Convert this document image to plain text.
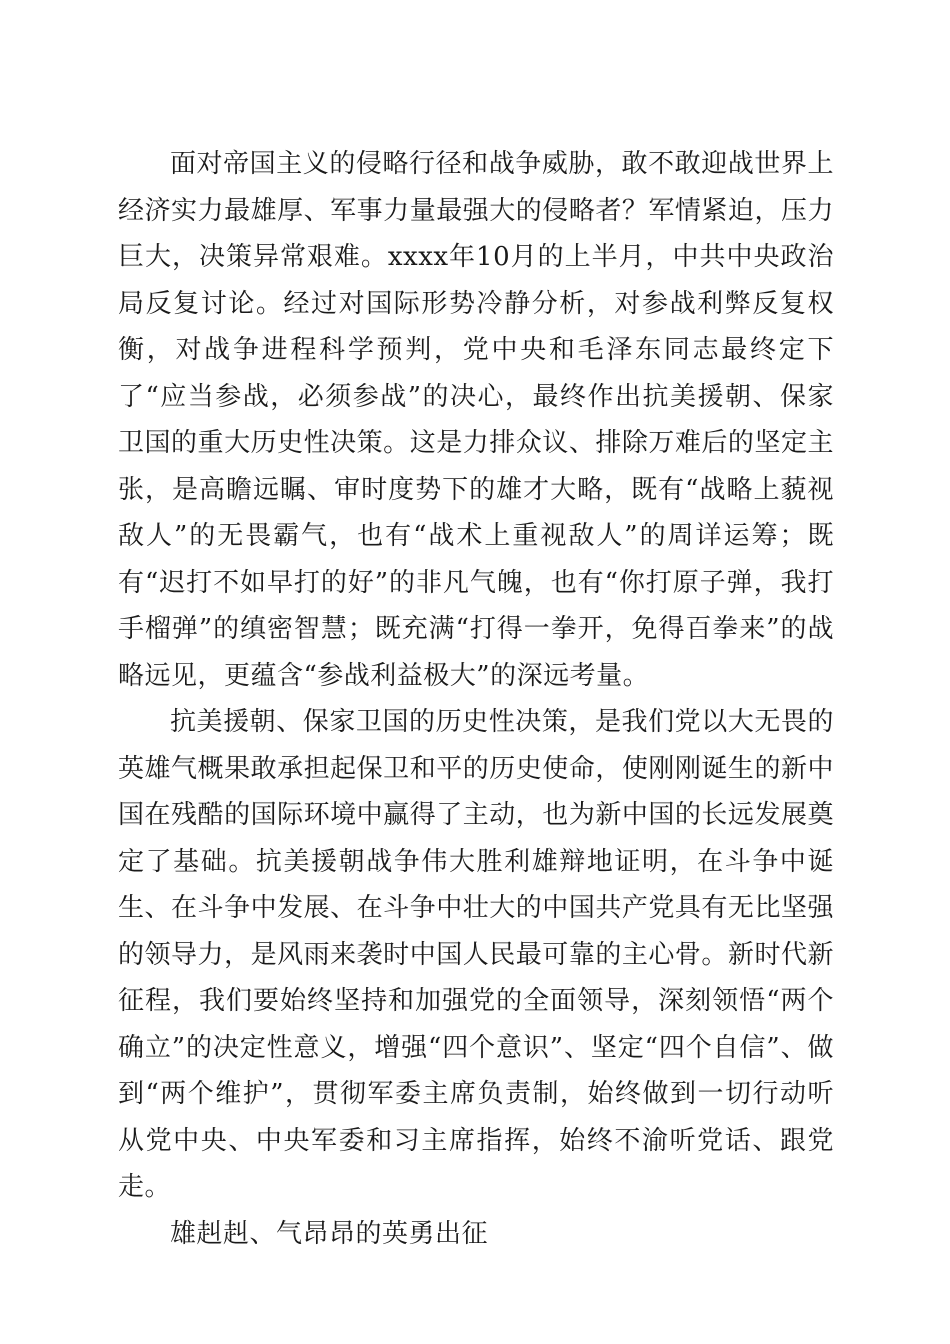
面对帝国主义的侵略行径和战争威胁，敢不敢迎战世界上经济实力最雄厚、军事力量最强大的侵略者？军情紧迫，压力巨大，决策异常艰难。xxxx年10月的上半月，中共中央政治局反复讨论。经过对国际形势冷静分析，对参战利弊反复权衡，对战争进程科学预判，党中央和毛泽东同志最终定下了“应当参战，必须参战”的决心，最终作出抗美援朝、保家卫国的重大历史性决策。这是力排众议、排除万难后的坚定主张，是高瞻远瞩、审时度势下的雄才大略，既有“战略上藐视敌人”的无畏霸气，也有“战术上重视敌人”的周详运筹；既有“迟打不如早打的好”的非凡气魄，也有“你打原子弹，我打手榴弹”的缜密智慧；既充满“打得一拳开，免得百拳来”的战略远见，更蕴含“参战利益极大”的深远考量。

抗美援朝、保家卫国的历史性决策，是我们党以大无畏的英雄气概果敢承担起保卫和平的历史使命，使刚刚诞生的新中国在残酷的国际环境中赢得了主动，也为新中国的长远发展奠定了基础。抗美援朝战争伟大胜利雄辩地证明，在斗争中诞生、在斗争中发展、在斗争中壮大的中国共产党具有无比坚强的领导力，是风雨来袭时中国人民最可靠的主心骨。新时代新征程，我们要始终坚持和加强党的全面领导，深刻领悟“两个确立”的决定性意义，增强“四个意识”、坚定“四个自信”、做到“两个维护”，贯彻军委主席负责制，始终做到一切行动听从党中央、中央军委和习主席指挥，始终不渝听党话、跟党走。

雄赳赳、气昂昂的英勇出征
